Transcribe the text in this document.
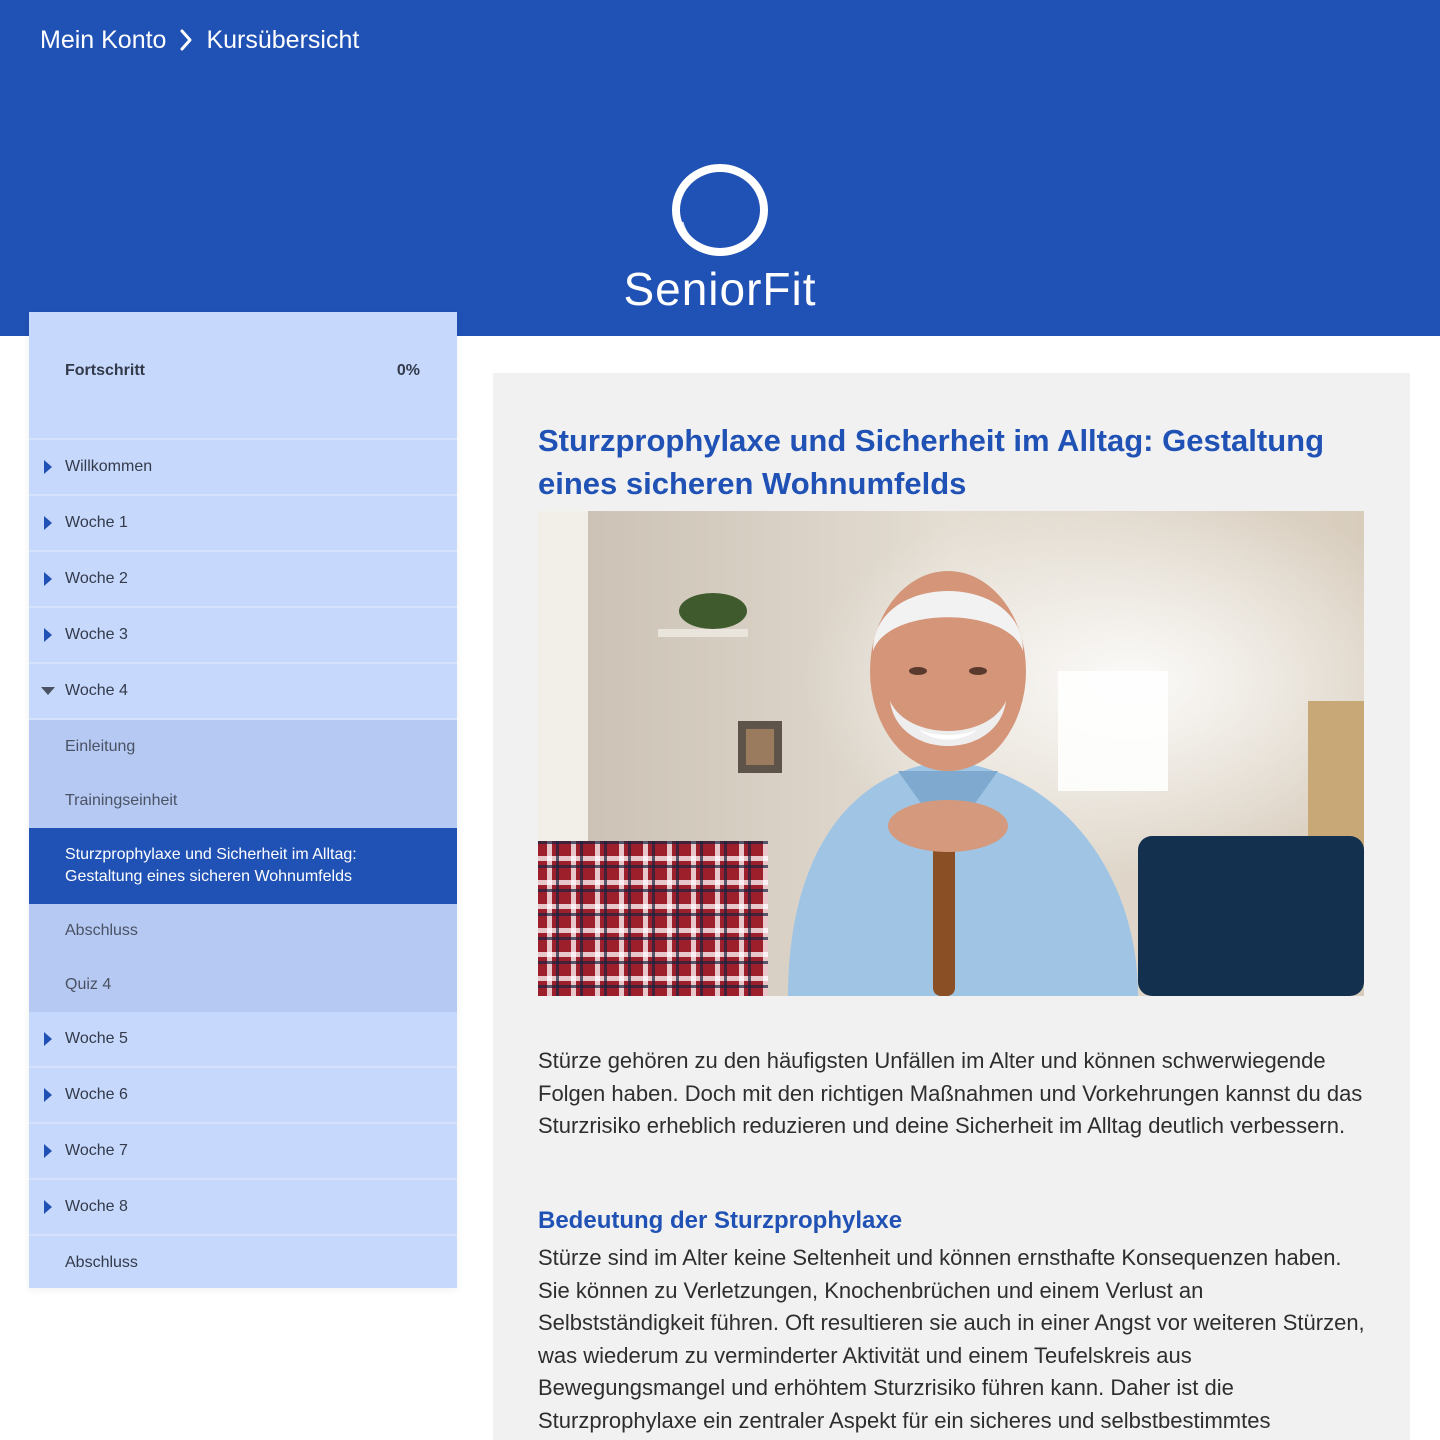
Mein Konto Kursübersicht
SeniorFit
Fortschritt	0%
Willkommen
Woche 1
Woche 2
Woche 3
Woche 4
Einleitung
Trainingseinheit
Sturzprophylaxe und Sicherheit im Alltag: Gestaltung eines sicheren Wohnumfelds
Abschluss
Quiz 4
Woche 5
Woche 6
Woche 7
Woche 8
Abschluss
Sturzprophylaxe und Sicherheit im Alltag: Gestaltung eines sicheren Wohnumfelds

Stürze gehören zu den häufigsten Unfällen im Alter und können schwerwiegende Folgen haben. Doch mit den richtigen Maßnahmen und Vorkehrungen kannst du das Sturzrisiko erheblich reduzieren und deine Sicherheit im Alltag deutlich verbessern.

Bedeutung der Sturzprophylaxe

Stürze sind im Alter keine Seltenheit und können ernsthafte Konsequenzen haben. Sie können zu Verletzungen, Knochenbrüchen und einem Verlust an Selbstständigkeit führen. Oft resultieren sie auch in einer Angst vor weiteren Stürzen, was wiederum zu verminderter Aktivität und einem Teufelskreis aus Bewegungsmangel und erhöhtem Sturzrisiko führen kann. Daher ist die Sturzprophylaxe ein zentraler Aspekt für ein sicheres und selbstbestimmtes
